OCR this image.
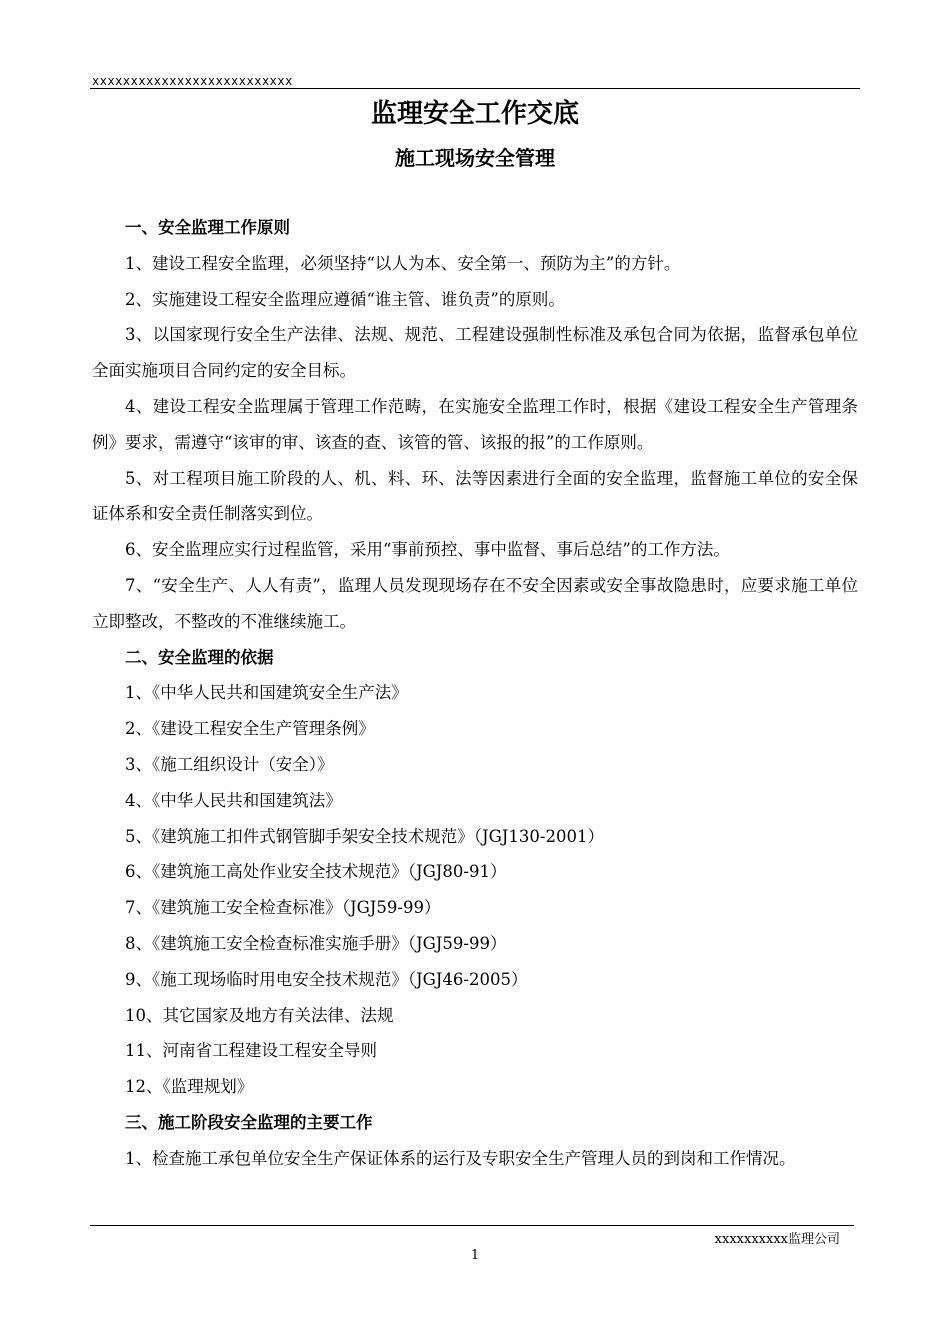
xxxxxxxxxxxxxxxxxxxxxxxxxx
监理安全工作交底
施工现场安全管理

一、安全监理工作原则

1、建设工程安全监理，必须坚持“以人为本、安全第一、预防为主”的方针。

2、实施建设工程安全监理应遵循“谁主管、谁负责”的原则。

3、以国家现行安全生产法律、法规、规范、工程建设强制性标准及承包合同为依据，监督承包单位全面实施项目合同约定的安全目标。

4、建设工程安全监理属于管理工作范畴，在实施安全监理工作时，根据《建设工程安全生产管理条例》要求，需遵守“该审的审、该查的查、该管的管、该报的报”的工作原则。

5、对工程项目施工阶段的人、机、料、环、法等因素进行全面的安全监理，监督施工单位的安全保证体系和安全责任制落实到位。

6、安全监理应实行过程监管，采用“事前预控、事中监督、事后总结”的工作方法。

7、“安全生产、人人有责”，监理人员发现现场存在不安全因素或安全事故隐患时，应要求施工单位立即整改，不整改的不准继续施工。

二、安全监理的依据

1、《中华人民共和国建筑安全生产法》

2、《建设工程安全生产管理条例》

3、《施工组织设计（安全）》

4、《中华人民共和国建筑法》

5、《建筑施工扣件式钢管脚手架安全技术规范》（JGJ130-2001）

6、《建筑施工高处作业安全技术规范》（JGJ80-91）

7、《建筑施工安全检查标准》（JGJ59-99）

8、《建筑施工安全检查标准实施手册》（JGJ59-99）

9、《施工现场临时用电安全技术规范》（JGJ46-2005）

10、其它国家及地方有关法律、法规

11、河南省工程建设工程安全导则

12、《监理规划》

三、施工阶段安全监理的主要工作

1、检查施工承包单位安全生产保证体系的运行及专职安全生产管理人员的到岗和工作情况。

xxxxxxxxxx监理公司
1
